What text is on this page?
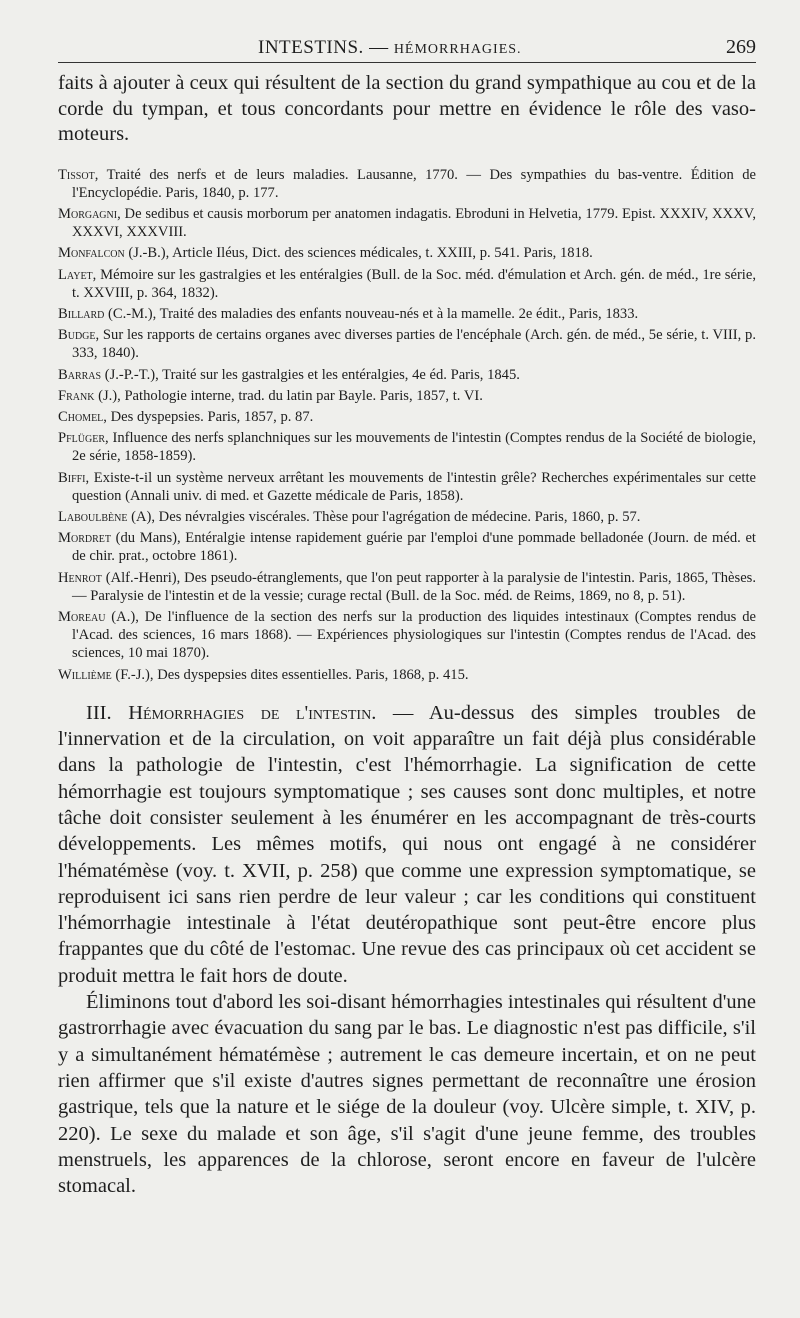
INTESTINS. — HÉMORRHAGIES.	269

faits à ajouter à ceux qui résultent de la section du grand sympathique au cou et de la corde du tympan, et tous concordants pour mettre en évidence le rôle des vaso-moteurs.

Tissot, Traité des nerfs et de leurs maladies. Lausanne, 1770. — Des sympathies du bas-ventre. Édition de l'Encyclopédie. Paris, 1840, p. 177.

Morgagni, De sedibus et causis morborum per anatomen indagatis. Ebroduni in Helvetia, 1779. Epist. XXXIV, XXXV, XXXVI, XXXVIII.

Monfalcon (J.-B.), Article Iléus, Dict. des sciences médicales, t. XXIII, p. 541. Paris, 1818.

Layet, Mémoire sur les gastralgies et les entéralgies (Bull. de la Soc. méd. d'émulation et Arch. gén. de méd., 1re série, t. XXVIII, p. 364, 1832).

Billard (C.-M.), Traité des maladies des enfants nouveau-nés et à la mamelle. 2e édit., Paris, 1833.

Budge, Sur les rapports de certains organes avec diverses parties de l'encéphale (Arch. gén. de méd., 5e série, t. VIII, p. 333, 1840).

Barras (J.-P.-T.), Traité sur les gastralgies et les entéralgies, 4e éd. Paris, 1845.

Frank (J.), Pathologie interne, trad. du latin par Bayle. Paris, 1857, t. VI.

Chomel, Des dyspepsies. Paris, 1857, p. 87.

Pflüger, Influence des nerfs splanchniques sur les mouvements de l'intestin (Comptes rendus de la Société de biologie, 2e série, 1858-1859).

Biffi, Existe-t-il un système nerveux arrêtant les mouvements de l'intestin grêle? Recherches expérimentales sur cette question (Annali univ. di med. et Gazette médicale de Paris, 1858).

Laboulbène (A), Des névralgies viscérales. Thèse pour l'agrégation de médecine. Paris, 1860, p. 57.

Mordret (du Mans), Entéralgie intense rapidement guérie par l'emploi d'une pommade belladonée (Journ. de méd. et de chir. prat., octobre 1861).

Henrot (Alf.-Henri), Des pseudo-étranglements, que l'on peut rapporter à la paralysie de l'intestin. Paris, 1865, Thèses. — Paralysie de l'intestin et de la vessie; curage rectal (Bull. de la Soc. méd. de Reims, 1869, no 8, p. 51).

Moreau (A.), De l'influence de la section des nerfs sur la production des liquides intestinaux (Comptes rendus de l'Acad. des sciences, 16 mars 1868). — Expériences physiologiques sur l'intestin (Comptes rendus de l'Acad. des sciences, 10 mai 1870).

Willième (F.-J.), Des dyspepsies dites essentielles. Paris, 1868, p. 415.

III. Hémorrhagies de l'intestin. — Au-dessus des simples troubles de l'innervation et de la circulation, on voit apparaître un fait déjà plus considérable dans la pathologie de l'intestin, c'est l'hémorrhagie. La signification de cette hémorrhagie est toujours symptomatique ; ses causes sont donc multiples, et notre tâche doit consister seulement à les énumérer en les accompagnant de très-courts développements. Les mêmes motifs, qui nous ont engagé à ne considérer l'hématémèse (voy. t. XVII, p. 258) que comme une expression symptomatique, se reproduisent ici sans rien perdre de leur valeur ; car les conditions qui constituent l'hémorrhagie intestinale à l'état deutéropathique sont peut-être encore plus frappantes que du côté de l'estomac. Une revue des cas principaux où cet accident se produit mettra le fait hors de doute.

Éliminons tout d'abord les soi-disant hémorrhagies intestinales qui résultent d'une gastrorrhagie avec évacuation du sang par le bas. Le diagnostic n'est pas difficile, s'il y a simultanément hématémèse ; autrement le cas demeure incertain, et on ne peut rien affirmer que s'il existe d'autres signes permettant de reconnaître une érosion gastrique, tels que la nature et le siége de la douleur (voy. Ulcère simple, t. XIV, p. 220). Le sexe du malade et son âge, s'il s'agit d'une jeune femme, des troubles menstruels, les apparences de la chlorose, seront encore en faveur de l'ulcère stomacal.
